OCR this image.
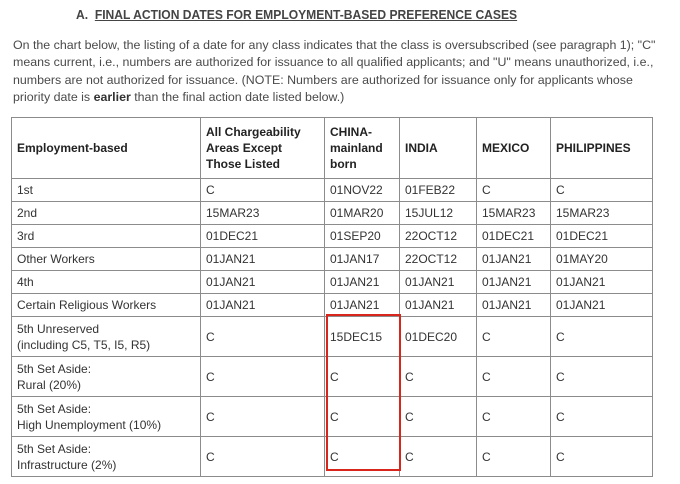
A. FINAL ACTION DATES FOR EMPLOYMENT-BASED PREFERENCE CASES
On the chart below, the listing of a date for any class indicates that the class is oversubscribed (see paragraph 1); "C" means current, i.e., numbers are authorized for issuance to all qualified applicants; and "U" means unauthorized, i.e., numbers are not authorized for issuance. (NOTE: Numbers are authorized for issuance only for applicants whose priority date is earlier than the final action date listed below.)
Employment-based	All Chargeability Areas Except Those Listed	CHINA-mainland born	INDIA	MEXICO	PHILIPPINES
1st	C	01NOV22	01FEB22	C	C
2nd	15MAR23	01MAR20	15JUL12	15MAR23	15MAR23
3rd	01DEC21	01SEP20	22OCT12	01DEC21	01DEC21
Other Workers	01JAN21	01JAN17	22OCT12	01JAN21	01MAY20
4th	01JAN21	01JAN21	01JAN21	01JAN21	01JAN21
Certain Religious Workers	01JAN21	01JAN21	01JAN21	01JAN21	01JAN21
5th Unreserved
(including C5, T5, I5, R5)	C	15DEC15	01DEC20	C	C
5th Set Aside:
Rural (20%)	C	C	C	C	C
5th Set Aside:
High Unemployment (10%)	C	C	C	C	C
5th Set Aside:
Infrastructure (2%)	C	C	C	C	C
